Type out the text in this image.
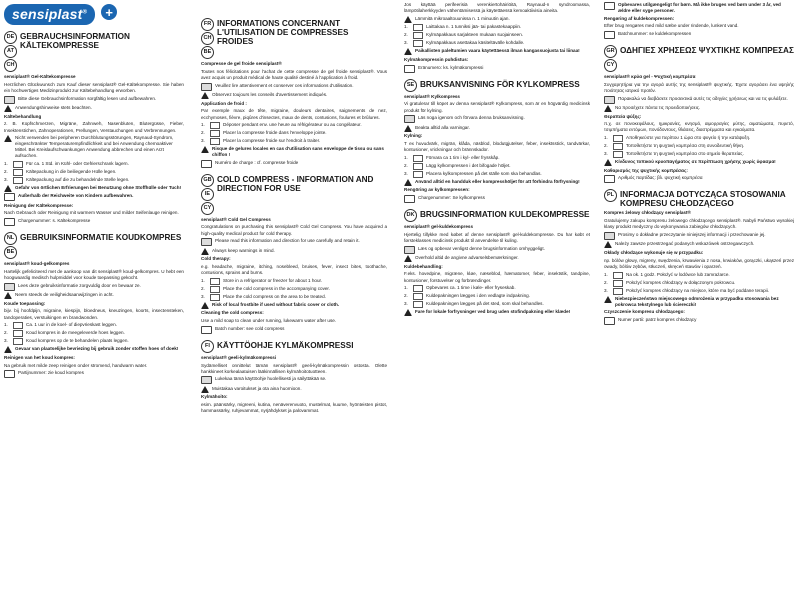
sensiplast®	+
DE
AT
CH
GEBRAUCHSINFORMATION KÄLTEKOMPRESSE
sensiplast® Gel-Kältekompresse
Herzlichen Glückwunsch zum Kauf dieser sensiplast® Gel-Kältekompresse. Sie haben ein hochwertiges Medizinprodukt zur Kältebehandlung erworben.
Bitte diese Gebrauchsinformation sorgfältig lesen und aufbewahren.
Anwendungshinweise stets beachten.
Kältebehandlung
z. B. Kopfschmerzen, Migräne, Zahnweh, Nasenbluten, Blutergüsse, Fieber, Insektenstichen, Zahnoperationen, Prellungen, Verstauchungen und Verbrennungen.
Nicht verwenden bei peripheren Durchblutungsstörungen, Raynaud-Syndrom, eingeschränkter Temperaturempfindlichkeit und bei Anwendung chemoaktiver Mittel. Bei Kreislaufschwankungen Anwendung abbrechen und einen Arzt aufsuchen.
1.	Für ca. 1 Std. im Kühl- oder Gefrierschrank lagern.
2.	Kältepackung in die beiliegende Hülle legen.
3.	Kältepackung auf die zu behandelnde Stelle legen.
Gefahr von örtlichen Erfrierungen bei Benutzung ohne Stoffhülle oder Tuch!
Außerhalb der Reichweite von Kindern aufbewahren.
Reinigung der Kältekompresse:
Nach Gebrauch oder Reinigung mit warmem Wasser und milder Seifenlauge reinigen.
Chargenummer: s. Kältekompresse
NL
BE
GEBRUIKSINFORMATIE KOUDKOMPRES
sensiplast® koud-gelkompres
Hartelijk gefeliciteerd met de aankoop van dit sensiplast® koud-gelkompres. U hebt een hoogwaardig medisch hulpmiddel voor koude toepassing gekocht.
Lees deze gebruiksinformatie zorgvuldig door en bewaar ze.
Neem steeds de veiligheidsaanwijzingen in acht.
Koude toepassing:
bijv. bij hoofdpijn, migraine, kiespijn, bloedneus, kneuzingen, koorts, insectensteken, tandoperaties, verstuikingen en brandwonden.
1.	Ca. 1 uur in de koel- of diepvrieskast leggen.
2.	Koud kompres in de meegeleverde hoes leggen.
3.	Koud kompres op de te behandelen plaats leggen.
Gevaar van plaatselijke bevriezing bij gebruik zonder stoffen hoes of doek!
Reinigen van het koud kompres:
Na gebruik met milde zeep reinigen onder stromend, handwarm water.
Partijnummer: zie koud kompres
FR
CH
BE
INFORMATIONS CONCERNANT L'UTILISATION DE COMPRESSES FROIDES
Compresse de gel froide sensiplast®
Toutes nos félicitations pour l'achat de cette compresse de gel froide sensiplast®. Vous avez acquis un produit médical de haute qualité destiné à l'application à froid.
Veuillez lire attentivement et conserver ces informations d'utilisation.
Observez toujours les conseils d'avertissement indiqués.
Application de froid :
Par exemple maux de tête, migraine, douleurs dentaires, saignements de nez, ecchymoses, fièvre, piqûres d'insectes, maux de dents, contusions, foulures et brûlures.
1.	Déposer pendant env. une heure au réfrigérateur ou au congélateur.
2.	Placer la compresse froide dans l'enveloppe jointe.
3.	Placer la compresse froide sur l'endroit à traiter.
Risque de gelures locales en cas d'utilisation sans enveloppe de tissu ou sans chiffon !
Numéro de charge : cf. compresse froide
GB
IE
CY
COLD COMPRESS - INFORMATION AND DIRECTION FOR USE
sensiplast® Cold Gel Compress
Congratulations on purchasing this sensiplast® Cold Gel Compress. You have acquired a high-quality medical product for cold therapy.
Please read this information and direction for use carefully and retain it.
Always keep warnings in mind.
Cold therapy:
e.g. headache, migraine, itching, nosebleed, bruises, fever, insect bites, toothache, contusions, sprains and burns.
1.	Store in a refrigerator or freezer for about 1 hour.
2.	Place the cold compress in the accompanying cover.
3.	Place the cold compress on the area to be treated.
Risk of local frostbite if used without fabric cover or cloth.
Cleaning the cold compress:
Use a mild soap to clean under running, lukewarm water after use.
Batch number: see cold compress
FI KÄYTTÖOHJE KYLMÄKOMPRESSI
sensiplast® geeli-kylmäkompressi
Sydämelliset onnittelut tämän sensiplast® geeli-kylmäkompressin ostosta. Olette hankkineet korkealaatuisen lääkinnällisen kylmähoitotuotteen.
Lukekaa tämä käyttöohje huolellisesti ja säilyttäkää se.
Muistakaa varoitukset ja ota aina huomioon.
Kylmähoito:
esim. päänsärky, migreeni, kutina, nenäverenvuoto, mustelmat, kuume, hyönteisten pistot, hammassärky, ruhjevammat, nyrjähdykset ja palovammat.
Jos käyttää perifeerisiä verenkiertohäiriöitä, Raynaud-n syndroomassa, lämpötilaherkkyyden vähentämisessä ja käytettäessä kemoaktiivisia aineita.
Lämmitä mikroaaltouunissa n. 1 minuutin ajan.
1.	Laittakaa n. 1 tunniksi jää- tai pakastekaappiin.
2.	Kylmäpakkaus sarjakteen mukaan suojainseen.
3.	Kylmäpakkaus asettakaa käsiteltävälle kohdalle.
Paikallisten paleltumien vaara käytettäessä ilman kangassuojusta tai liinaa!
Kylmäkompressin puhdistus:
Eränumero: ks. kylmäkompressi
SE BRUKSANVISNING FÖR KYLKOMPRESS
sensiplast® Kylkompress
Vi gratulerar till köpet av denna sensiplast® Kylkompress, som är en högvärdig medicinsk produkt för kylning.
Läs noga igenom och förvara denna bruksanvisning.
Beakta alltid alla varningar.
Kylning:
T ex huvudvärk, migrän, klåda, näsblod, blodutgjutelser, feber, insektsstick, tandvärkar, kontusioner, vrickningar och brännskador.
1.	Förvara ca 1 tim i kyl- eller frysskåp.
2.	Lägg kylkompressen i det bifogade höljet.
3.	Placera kylkompressen på det ställe som ska behandlas.
Använd alltid en handduk eller kompresshöljet för att förhindra förfrysning!
Rengöring av kylkompressen:
Chargenummer: Se kylkompress
DK BRUGSINFORMATION KULDEKOMPRESSE
sensiplast® gel-kuldekompress
Hjertelig tillykke med købet af denne sensiplast® gel-kuldekompresse. Du har købt et førsteklasses medicinsk produkt til anvendelse til kuling.
Læs og opbevar venligst denne brugsinformation omhyggeligt.
Overhold altid de angivne advarselsbemærkninger.
Kuldebehandling:
F.eks. hovedpine, migræne, kløe, næseblod, hæmatomer, feber, insektstik, tandpine, kontusioner, forstuvelser og forbrændinger.
1.	Opbevares ca. 1 time i køle- eller fryseskab.
2.	Kuldepakningen lægges i den vedlagte indpakning.
3.	Kuldepakningen lægges på det sted, som skal behandles.
Fare for lokale forfrysninger ved brug uden stofindpakning eller klæde!
Opbevares utilgængeligt for børn. Må ikke bruges ved børn under 3 år, ved ældre eller syge personer.
Rengøring af kuldekompressen:
Efter brug rengøres med mild sæbe under rindende, lunkent vand.
Batchnummer: se kuldekompressen
GR
CY
ΟΔΗΓΙΕΣ ΧΡΗΣΕΩΣ ΨΥΧΤΙΚΗΣ ΚΟΜΠΡΕΣΑΣ
sensiplast® κρύα gel - Ψυχτική κομπρέσα
Συγχαρητήρια για την αγορά αυτής της sensiplast® ψυχτικής. Έχετε αγοράσει ένα υψηλής ποιότητας ιατρικό προϊόν.
Παρακαλώ να διαβάσετε προσεκτικά αυτές τις οδηγίες χρήσεως και να τις φυλάξετε.
Να προσέχετε πάντα τις προειδοποιήσεις.
Θεραπεία ψύξης:
π.χ. σε πονοκεφάλους, ημικρανίες, κνησμό, αιμορραγίες μύτης, αιματώματα, πυρετό, τσιμπήματα εντόμων, πονόδοντους, θλάσεις, διαστρέμματα και εγκαύματα.
1.	Αποθηκεύστε για περίπου 1 ώρα στο ψυγείο ή την κατάψυξη.
2.	Τοποθετήστε τη ψυχτική κομπρέσα στη συνοδευτική θήκη.
3.	Τοποθετήστε τη ψυχτική κομπρέσα στο σημείο θεραπείας.
Κίνδυνος τοπικού κρυοπαγήματος σε περίπτωση χρήσης χωρίς ύφασμα!
Καθαρισμός της ψυχτικής κομπρέσας:
Αριθμός παρτίδας: βλ. ψυχτική κομπρέσα
PL INFORMACJA DOTYCZĄCA STOSOWANIA KOMPRESU CHŁODZĄCEGO
Kompres żelowy chłodzący sensiplast®
Gratulujemy zakupu kompresu żelowego chłodzącego sensiplast®. Nabyli Państwo wysokiej klasy produkt medyczny do wykonywania zabiegów chłodzących.
Prosimy o dokładne przeczytanie niniejszej informacji i przechowanie jej.
Należy zawsze przestrzegać podanych wskazówek ostrzegawczych.
Okłady chłodzące wykonuje się w przypadku:
np. bólów głowy, migreny, swędzenia, krwawienia z nosa, krwiaków, gorączki, ukąszeń przez owady, bólów zębów, stłuczeń, skręceń stawów i oparzeń.
1.	Na ok. 1 godz. Położyć w lodówce lub zamrażarce.
2.	Położyć kompres chłodzący w dołączonym pokrowcu.
3.	Położyć kompres chłodzący na miejsce, które ma być poddane terapii.
Niebezpieczeństwo miejscowego odmrożenia w przypadku stosowania bez pokrowca tekstylnego lub ściereczki!
Czyszczenie kompresu chłodzącego:
Numer partii: patrz kompres chłodzący
